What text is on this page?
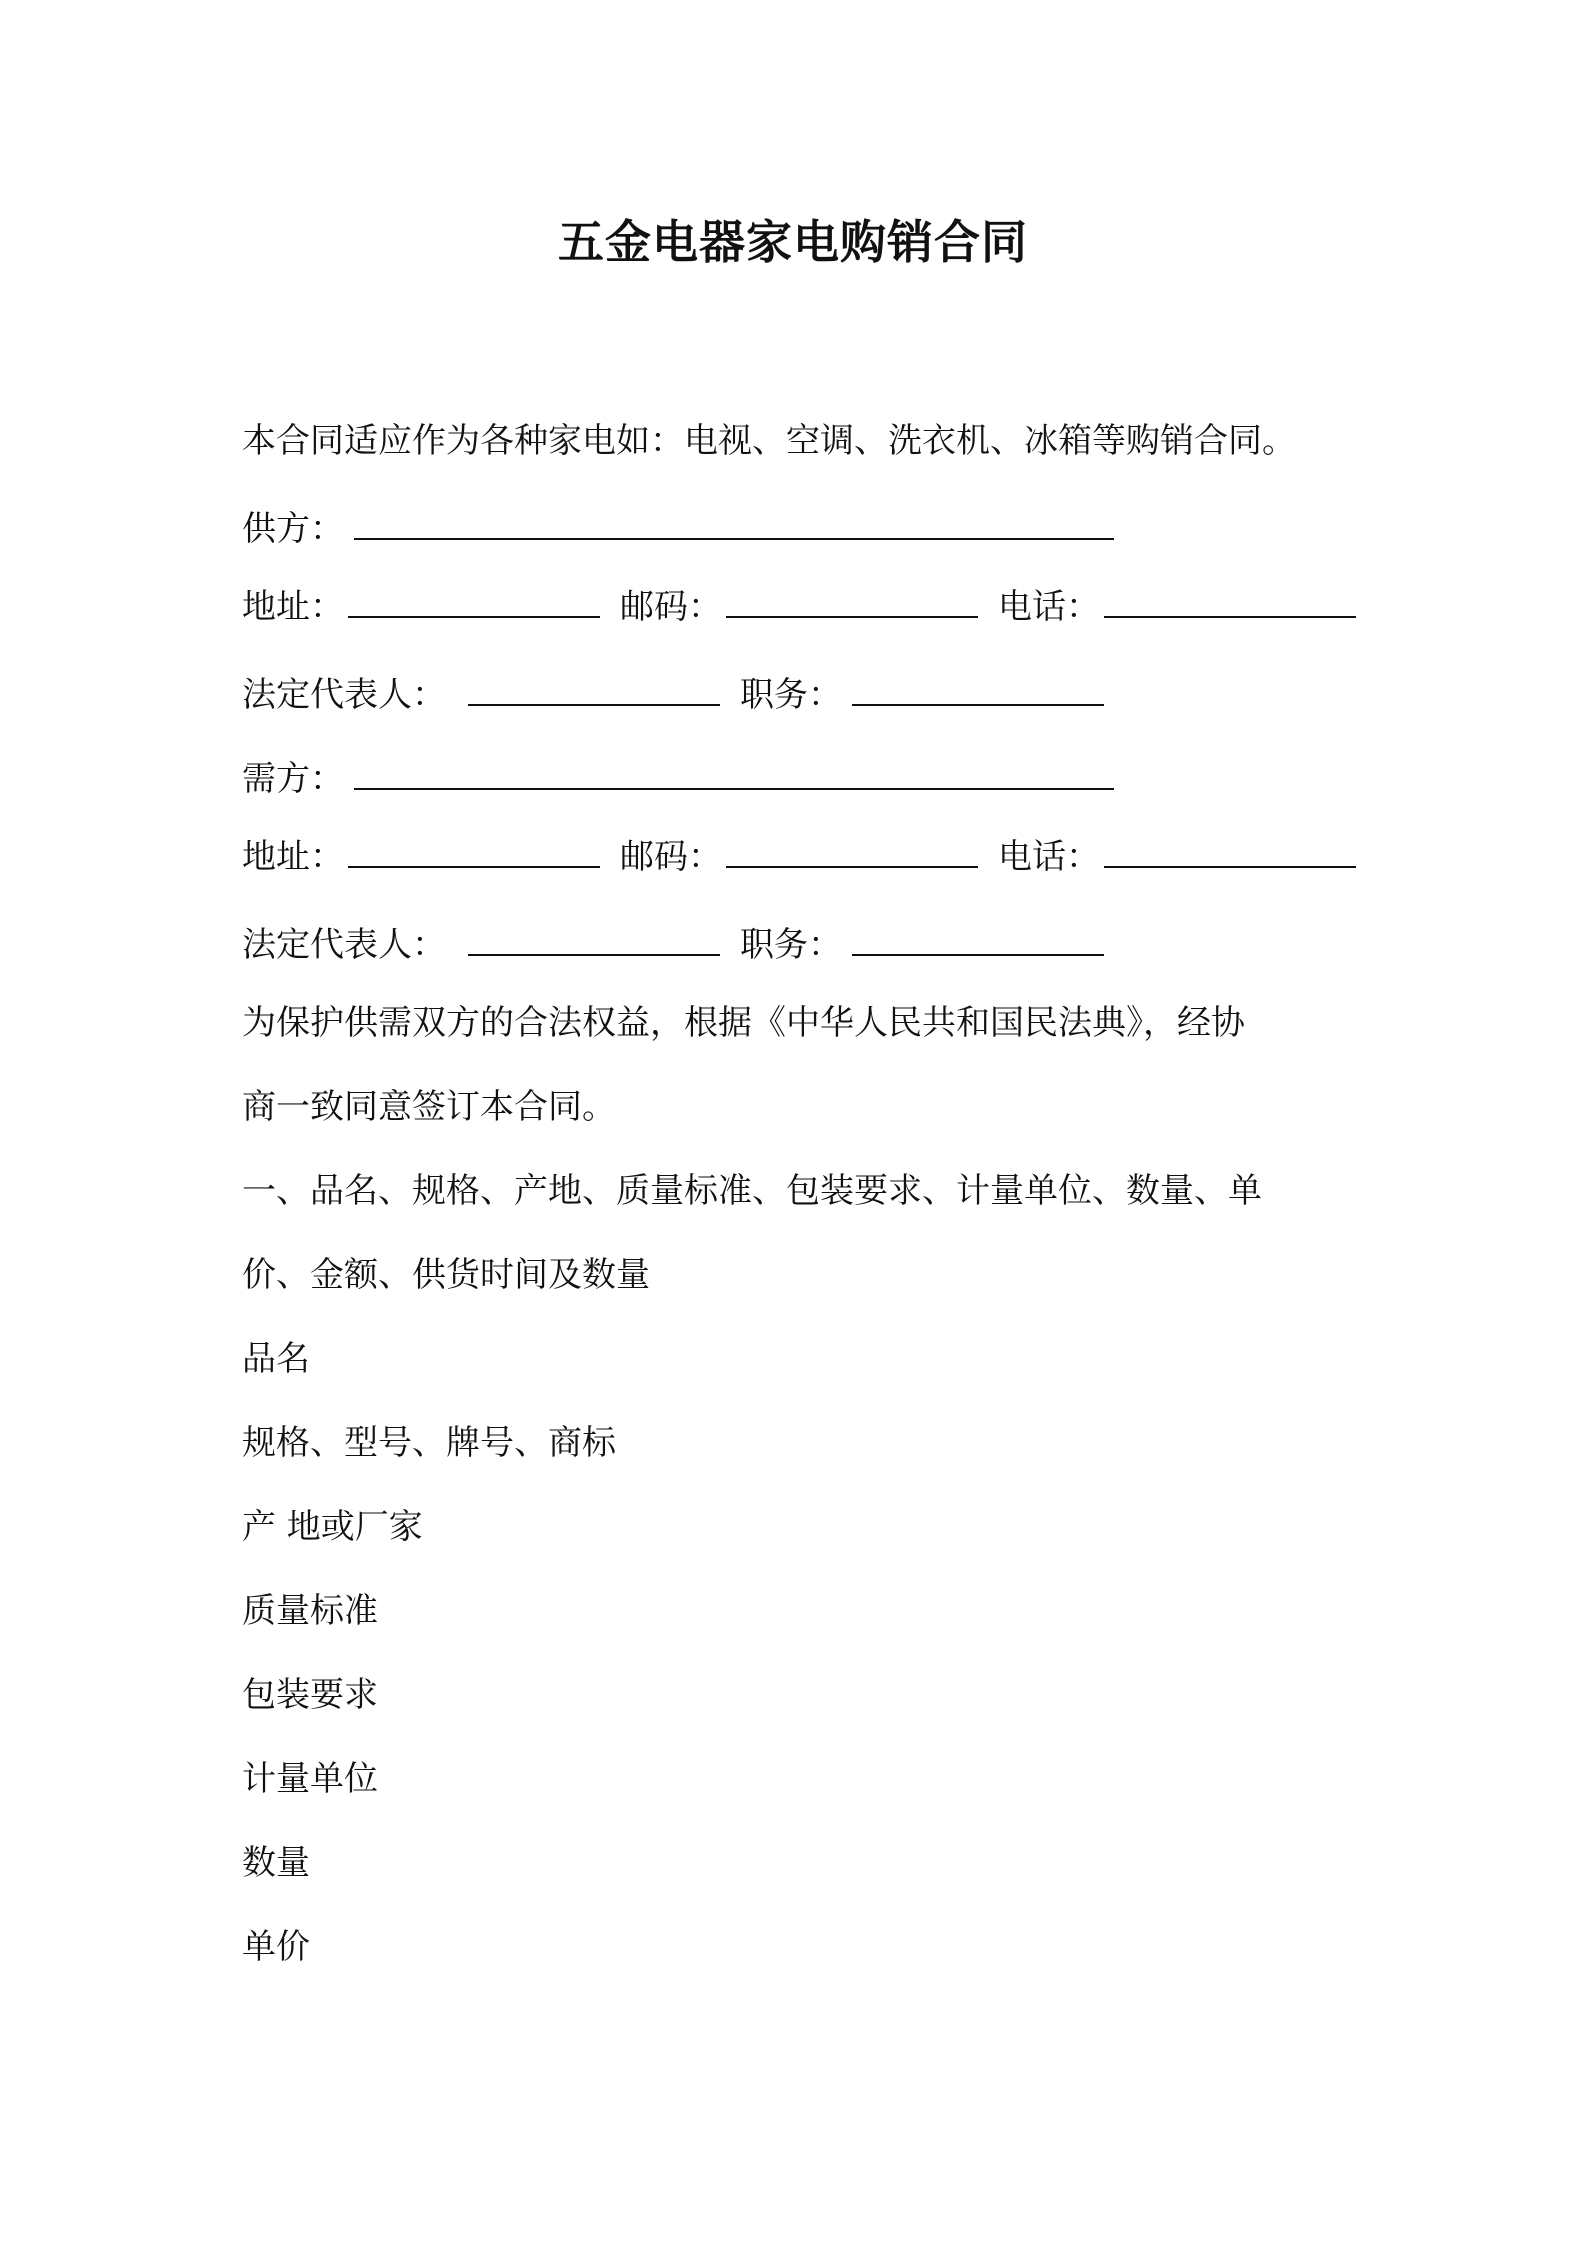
五金电器家电购销合同
本合同适应作为各种家电如：电视、空调、洗衣机、冰箱等购销合同。
供方：
地址：	邮码：	电话：
法定代表人：	职务：
需方：
地址：	邮码：	电话：
法定代表人：	职务：
为保护供需双方的合法权益，根据《中华人民共和国民法典》，经协
商一致同意签订本合同。
一、品名、规格、产地、质量标准、包装要求、计量单位、数量、单
价、金额、供货时间及数量
品名
规格、型号、牌号、商标
产 地或厂家
质量标准
包装要求
计量单位
数量
单价
